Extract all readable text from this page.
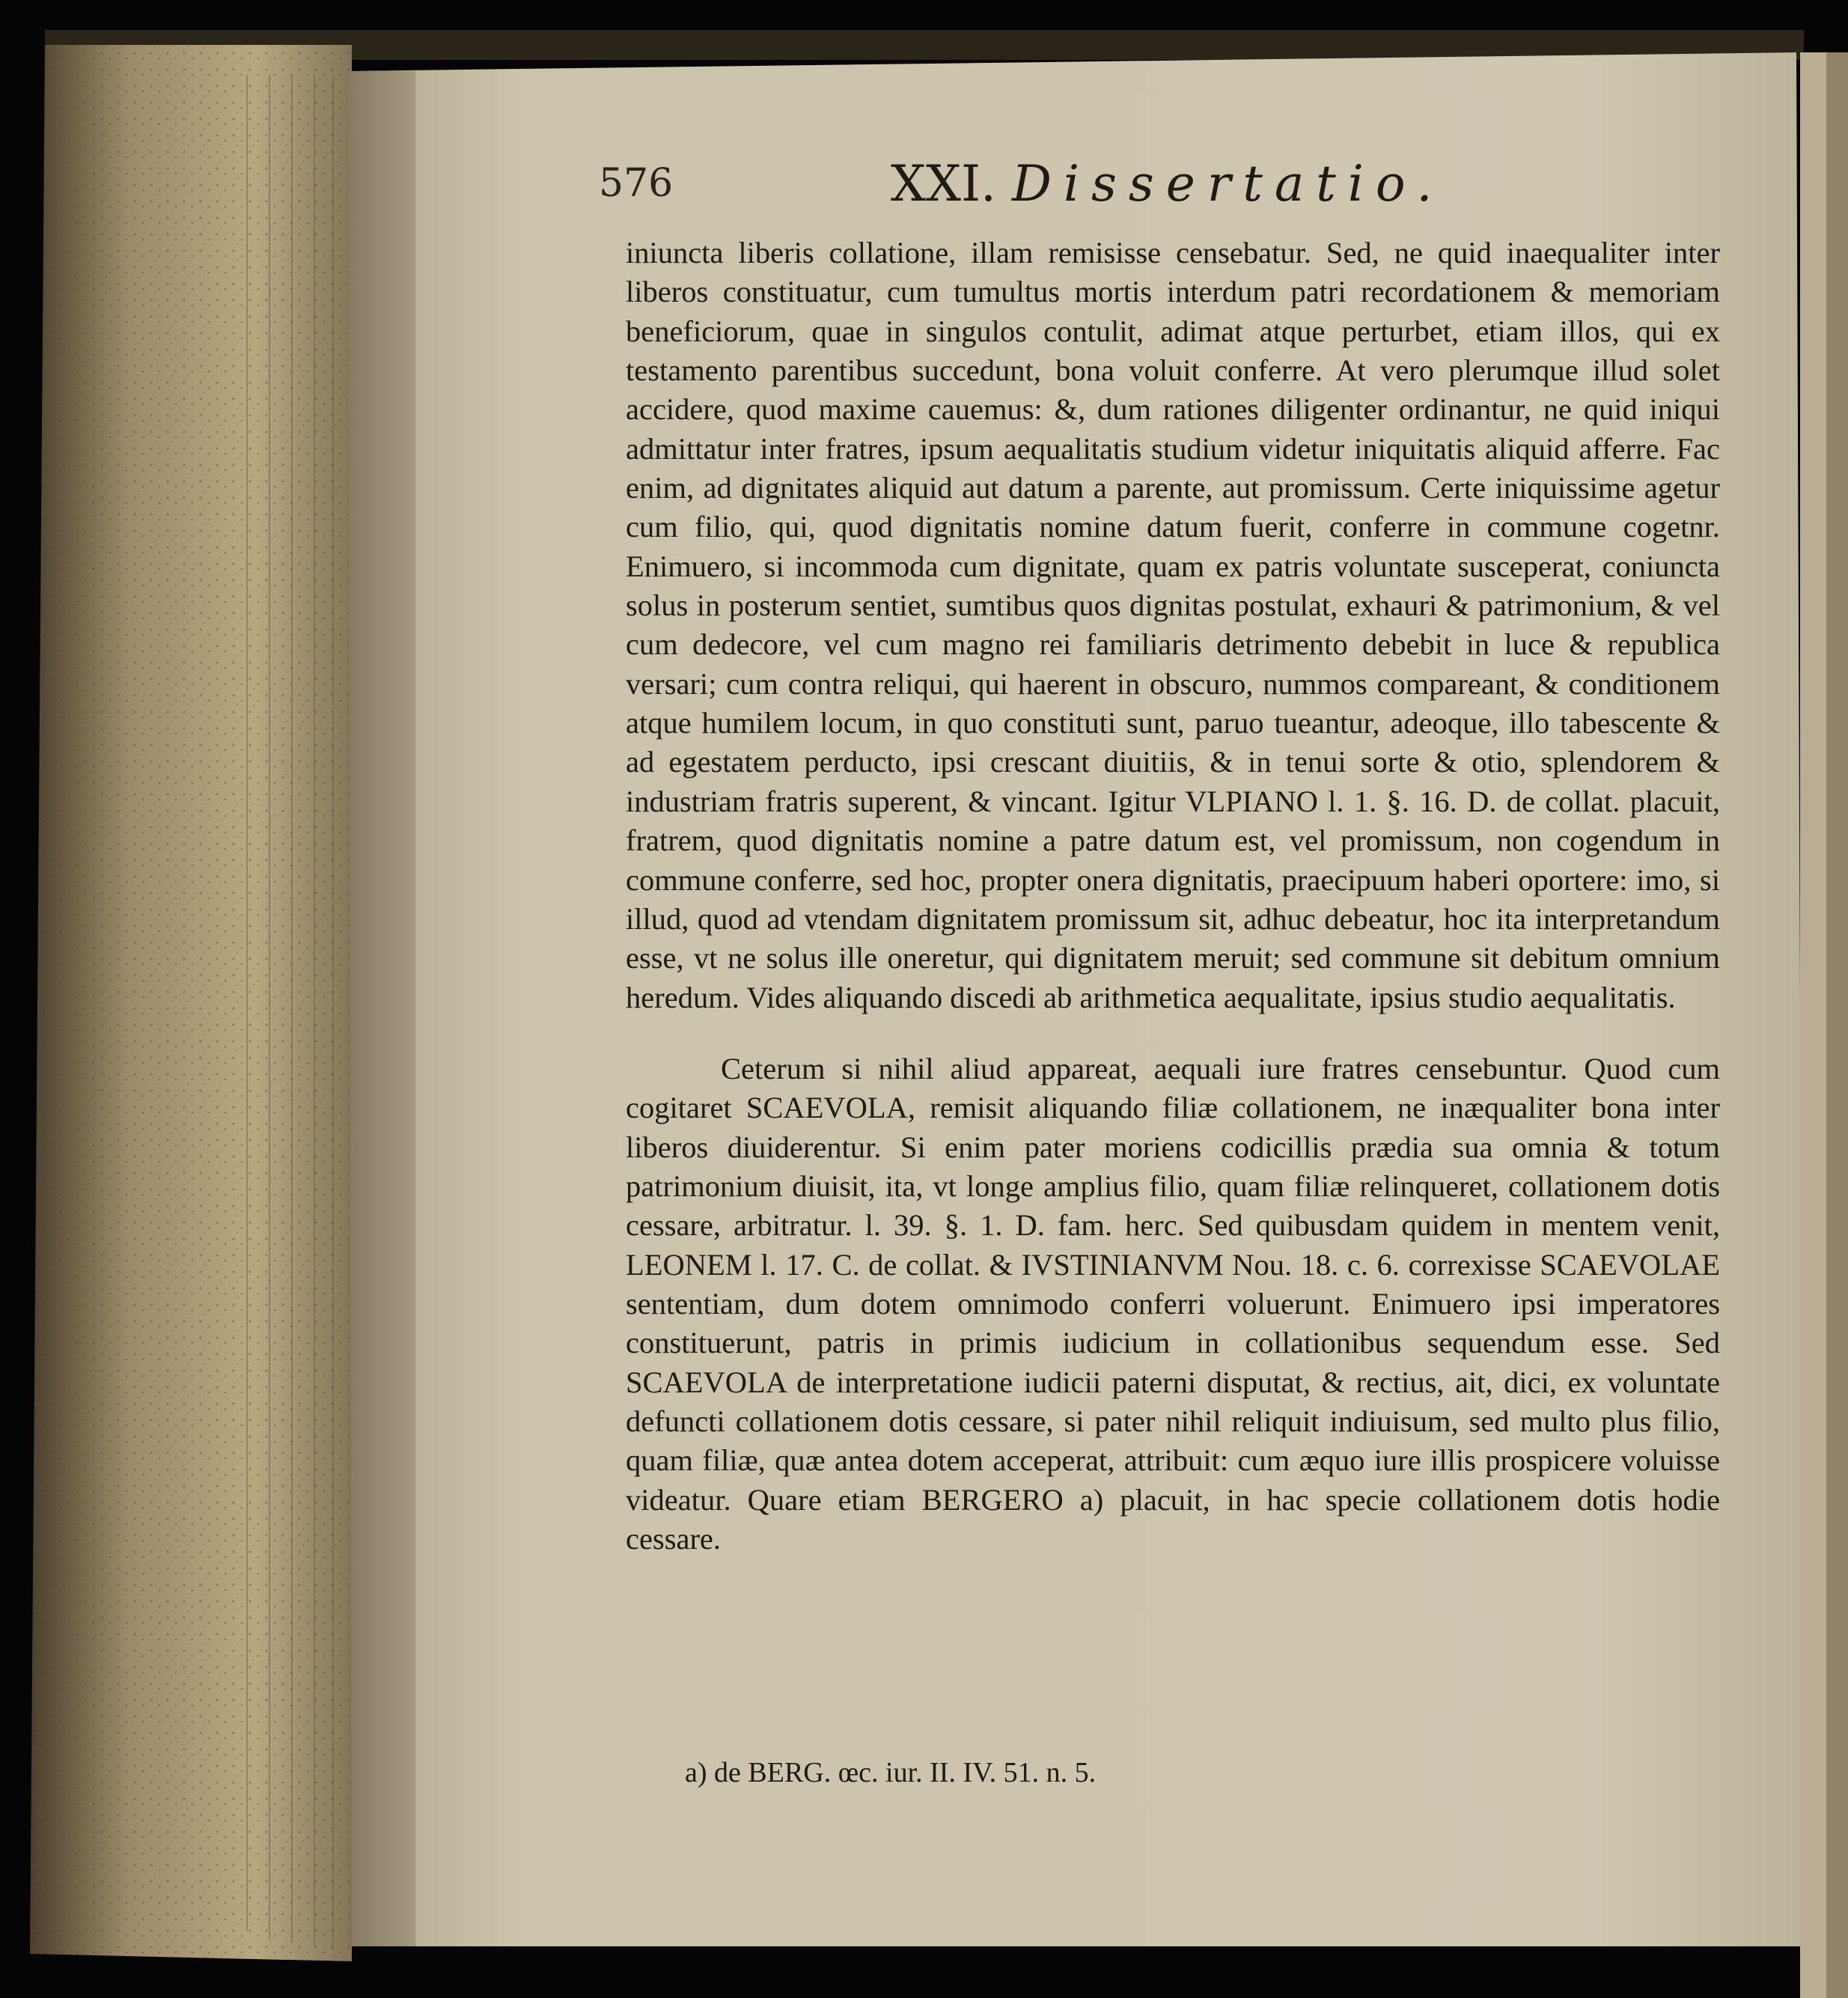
576	XXI. Dissertatio.

iniuncta liberis collatione, illam remisisse censebatur. Sed, ne quid inaequaliter inter liberos constituatur, cum tumultus mortis interdum patri recordationem & memoriam beneficiorum, quae in singulos contulit, adimat atque perturbet, etiam illos, qui ex testamento parentibus succedunt, bona voluit conferre. At vero plerumque illud solet accidere, quod maxime cauemus: &, dum rationes diligenter ordinantur, ne quid iniqui admittatur inter fratres, ipsum aequalitatis studium videtur iniquitatis aliquid afferre. Fac enim, ad dignitates aliquid aut datum a parente, aut promissum. Certe iniquissime agetur cum filio, qui, quod dignitatis nomine datum fuerit, conferre in commune cogetnr. Enimuero, si incommoda cum dignitate, quam ex patris voluntate susceperat, coniuncta solus in posterum sentiet, sumtibus quos dignitas postulat, exhauri & patrimonium, & vel cum dedecore, vel cum magno rei familiaris detrimento debebit in luce & republica versari; cum contra reliqui, qui haerent in obscuro, nummos compareant, & conditionem atque humilem locum, in quo constituti sunt, paruo tueantur, adeoque, illo tabescente & ad egestatem perducto, ipsi crescant diuitiis, & in tenui sorte & otio, splendorem & industriam fratris superent, & vincant. Igitur VLPIANO l. 1. §. 16. D. de collat. placuit, fratrem, quod dignitatis nomine a patre datum est, vel promissum, non cogendum in commune conferre, sed hoc, propter onera dignitatis, praecipuum haberi oportere: imo, si illud, quod ad vtendam dignitatem promissum sit, adhuc debeatur, hoc ita interpretandum esse, vt ne solus ille oneretur, qui dignitatem meruit; sed commune sit debitum omnium heredum. Vides aliquando discedi ab arithmetica aequalitate, ipsius studio aequalitatis.

Ceterum si nihil aliud appareat, aequali iure fratres censebuntur. Quod cum cogitaret SCAEVOLA, remisit aliquando filiæ collationem, ne inæqualiter bona inter liberos diuiderentur. Si enim pater moriens codicillis prædia sua omnia & totum patrimonium diuisit, ita, vt longe amplius filio, quam filiæ relinqueret, collationem dotis cessare, arbitratur. l. 39. §. 1. D. fam. herc. Sed quibusdam quidem in mentem venit, LEONEM l. 17. C. de collat. & IVSTINIANVM Nou. 18. c. 6. correxisse SCAEVOLAE sententiam, dum dotem omnimodo conferri voluerunt. Enimuero ipsi imperatores constituerunt, patris in primis iudicium in collationibus sequendum esse. Sed SCAEVOLA de interpretatione iudicii paterni disputat, & rectius, ait, dici, ex voluntate defuncti collationem dotis cessare, si pater nihil reliquit indiuisum, sed multo plus filio, quam filiæ, quæ antea dotem acceperat, attribuit: cum æquo iure illis prospicere voluisse videatur. Quare etiam BERGERO a) placuit, in hac specie collationem dotis hodie cessare.

a) de BERG. œc. iur. II. IV. 51. n. 5.
